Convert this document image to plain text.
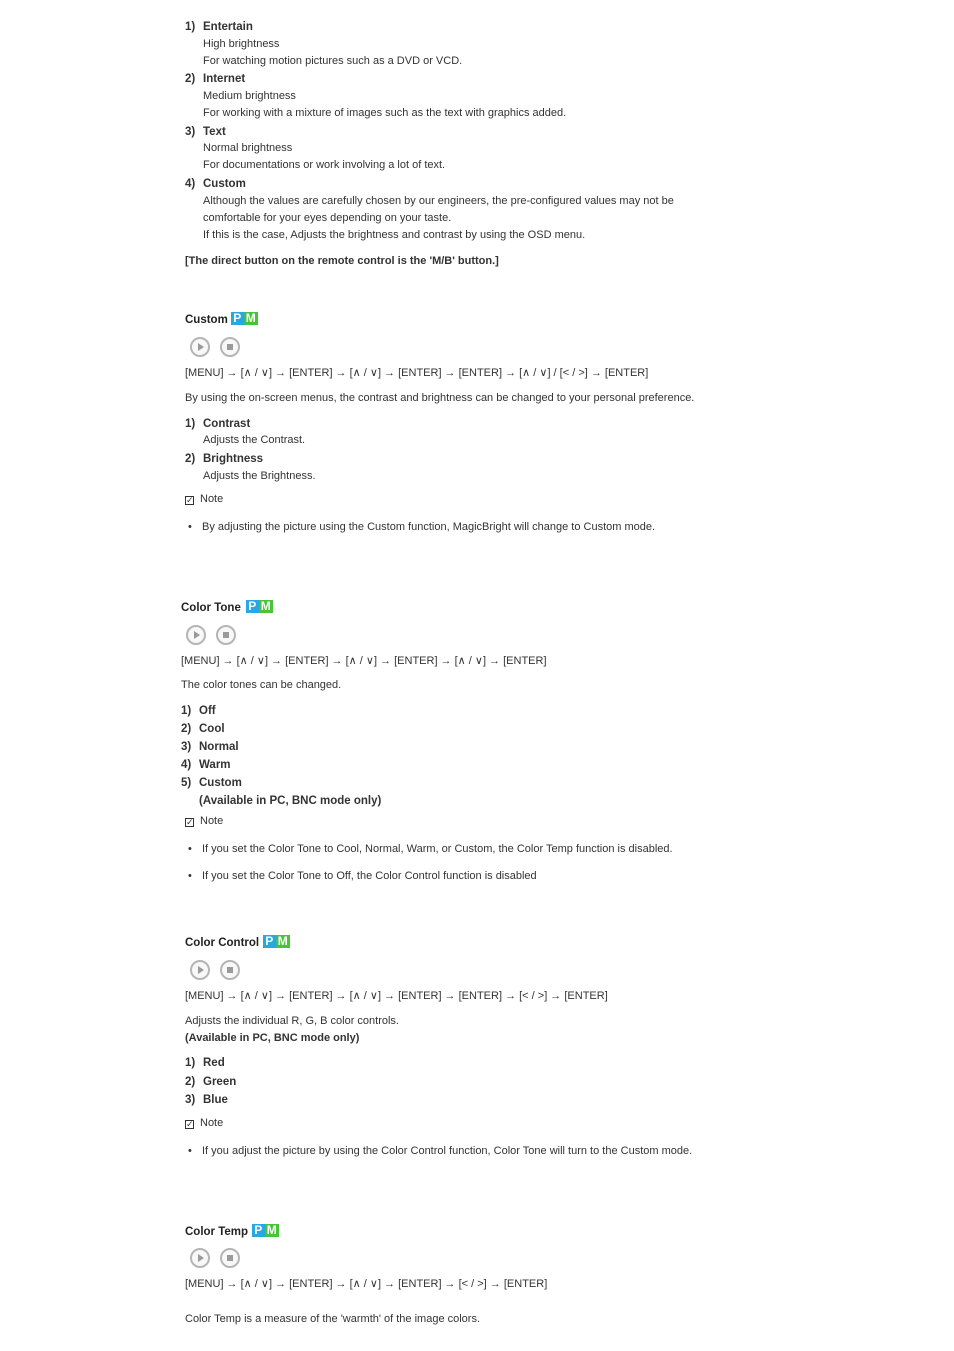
1) Entertain
High brightness
For watching motion pictures such as a DVD or VCD.
2) Internet
Medium brightness
For working with a mixture of images such as the text with graphics added.
3) Text
Normal brightness
For documentations or work involving a lot of text.
4) Custom
Although the values are carefully chosen by our engineers, the pre-configured values may not be
comfortable for your eyes depending on your taste.
If this is the case, Adjusts the brightness and contrast by using the OSD menu.
[The direct button on the remote control is the 'M/B' button.]
Custom P M
[MENU] → [∧ / ∨] → [ENTER] → [∧ / ∨] → [ENTER] → [ENTER] → [∧ / ∨] / [< / >] → [ENTER]
By using the on-screen menus, the contrast and brightness can be changed to your personal preference.
1) Contrast
Adjusts the Contrast.
2) Brightness
Adjusts the Brightness.
✓ Note
• By adjusting the picture using the Custom function, MagicBright will change to Custom mode.
Color Tone P M
[MENU] → [∧ / ∨] → [ENTER] → [∧ / ∨] → [ENTER] → [∧ / ∨] → [ENTER]
The color tones can be changed.
1) Off
2) Cool
3) Normal
4) Warm
5) Custom
(Available in PC, BNC mode only)
✓ Note
• If you set the Color Tone to Cool, Normal, Warm, or Custom, the Color Temp function is disabled.
• If you set the Color Tone to Off, the Color Control function is disabled
Color Control P M
[MENU] → [∧ / ∨] → [ENTER] → [∧ / ∨] → [ENTER] → [ENTER] → [< / >] → [ENTER]
Adjusts the individual R, G, B color controls.
(Available in PC, BNC mode only)
1) Red
2) Green
3) Blue
✓ Note
• If you adjust the picture by using the Color Control function, Color Tone will turn to the Custom mode.
Color Temp P M
[MENU] → [∧ / ∨] → [ENTER] → [∧ / ∨] → [ENTER] → [< / >] → [ENTER]
Color Temp is a measure of the 'warmth' of the image colors.
